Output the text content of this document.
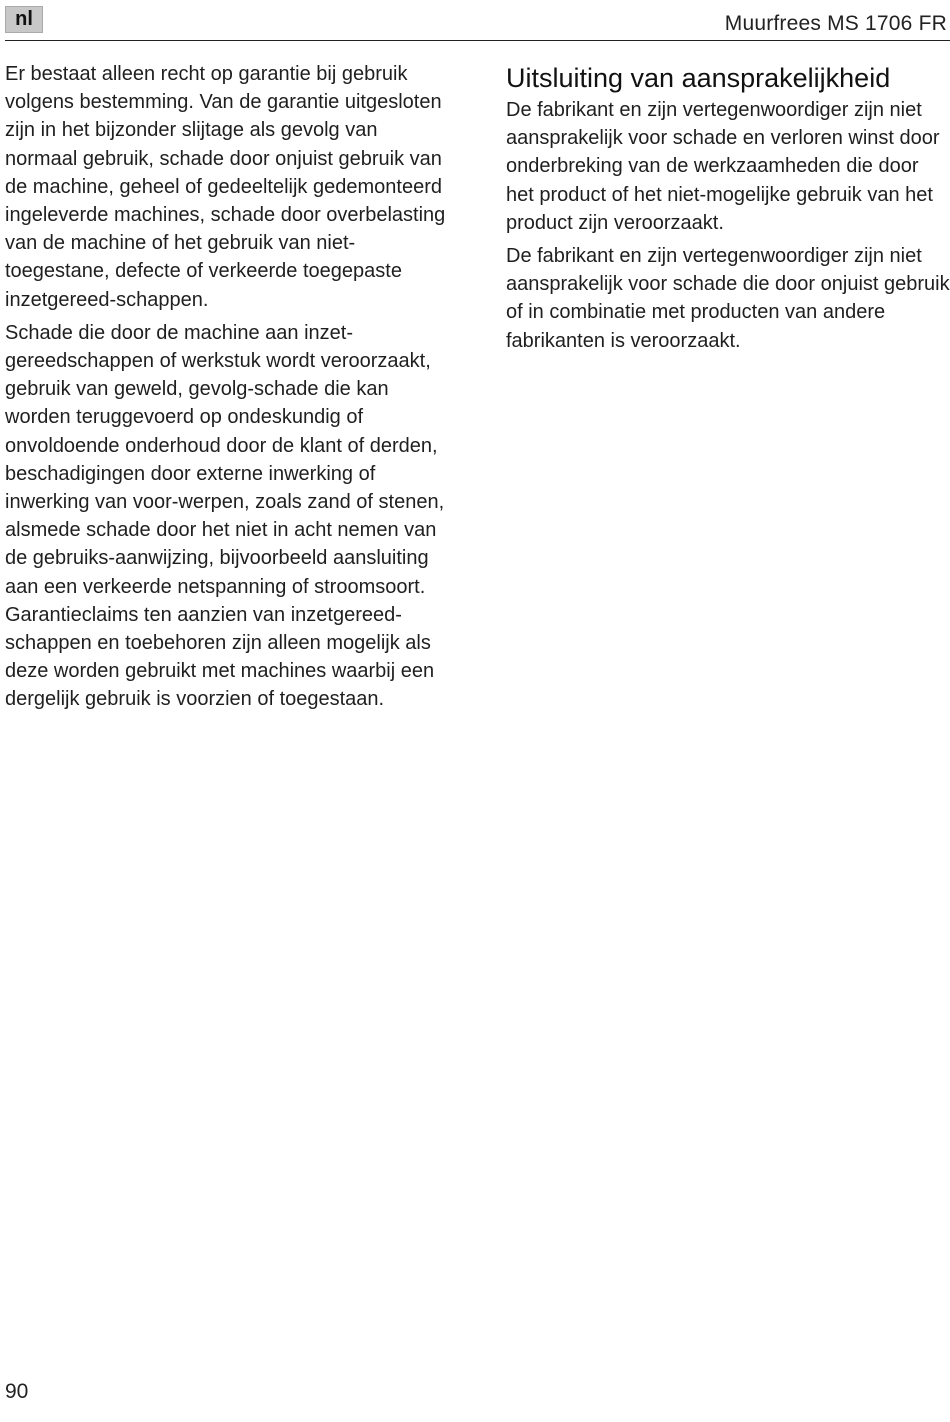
nl	Muurfrees MS 1706 FR

Er bestaat alleen recht op garantie bij gebruik volgens bestemming. Van de garantie uitgesloten zijn in het bijzonder slijtage als gevolg van normaal gebruik, schade door onjuist gebruik van de machine, geheel of gedeeltelijk gedemonteerd ingeleverde machines, schade door overbelasting van de machine of het gebruik van niet-toegestane, defecte of verkeerde toegepaste inzetgereed-schappen.

Schade die door de machine aan inzet-gereedschappen of werkstuk wordt veroorzaakt, gebruik van geweld, gevolg-schade die kan worden teruggevoerd op ondeskundig of onvoldoende onderhoud door de klant of derden, beschadigingen door externe inwerking of inwerking van voor-werpen, zoals zand of stenen, alsmede schade door het niet in acht nemen van de gebruiks-aanwijzing, bijvoorbeeld aansluiting aan een verkeerde netspanning of stroomsoort. Garantieclaims ten aanzien van inzetgereed-schappen en toebehoren zijn alleen mogelijk als deze worden gebruikt met machines waarbij een dergelijk gebruik is voorzien of toegestaan.

Uitsluiting van aansprakelijkheid

De fabrikant en zijn vertegenwoordiger zijn niet aansprakelijk voor schade en verloren winst door onderbreking van de werkzaamheden die door het product of het niet-mogelijke gebruik van het product zijn veroorzaakt.

De fabrikant en zijn vertegenwoordiger zijn niet aansprakelijk voor schade die door onjuist gebruik of in combinatie met producten van andere fabrikanten is veroorzaakt.

90
